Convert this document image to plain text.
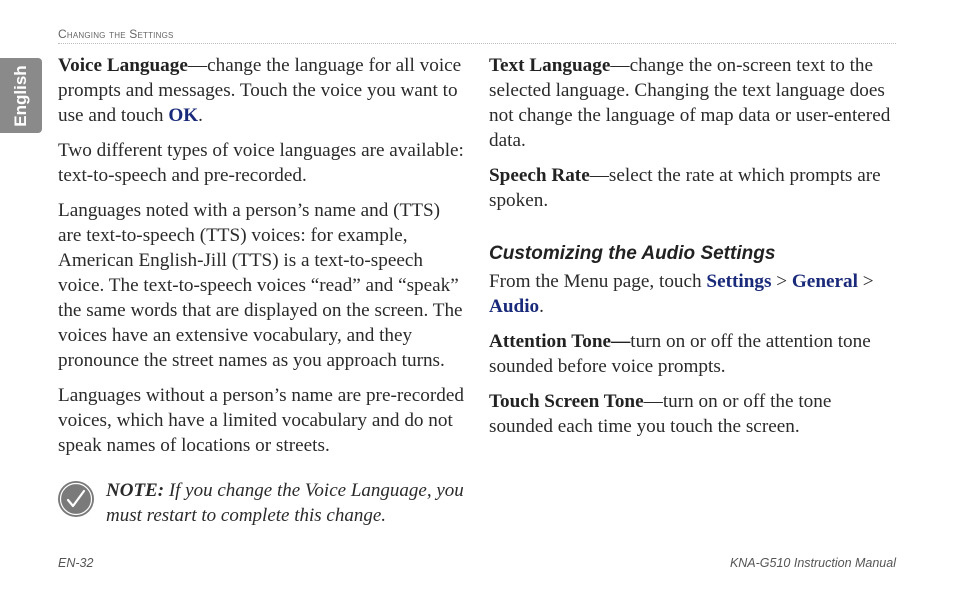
Changing the Settings
English Voice Language—change the language for all voice prompts and messages. Touch the voice you want to use and touch OK.

Two different types of voice languages are available: text-to-speech and pre-recorded.

Languages noted with a person’s name and (TTS) are text-to-speech (TTS) voices: for example, American English-Jill (TTS) is a text-to-speech voice. The text-to-speech voices “read” and “speak” the same words that are displayed on the screen. The voices have an extensive vocabulary, and they pronounce the street names as you approach turns.

Languages without a person’s name are pre-recorded voices, which have a limited vocabulary and do not speak names of locations or streets.

NOTE: If you change the Voice Language, you must restart to complete this change.

Text Language—change the on-screen text to the selected language. Changing the text language does not change the language of map data or user-entered data.

Speech Rate—select the rate at which prompts are spoken.

Customizing the Audio Settings

From the Menu page, touch Settings > General > Audio.

Attention Tone—turn on or off the attention tone sounded before voice prompts.

Touch Screen Tone—turn on or off the tone sounded each time you touch the screen.

EN-32	KNA-G510 Instruction Manual
